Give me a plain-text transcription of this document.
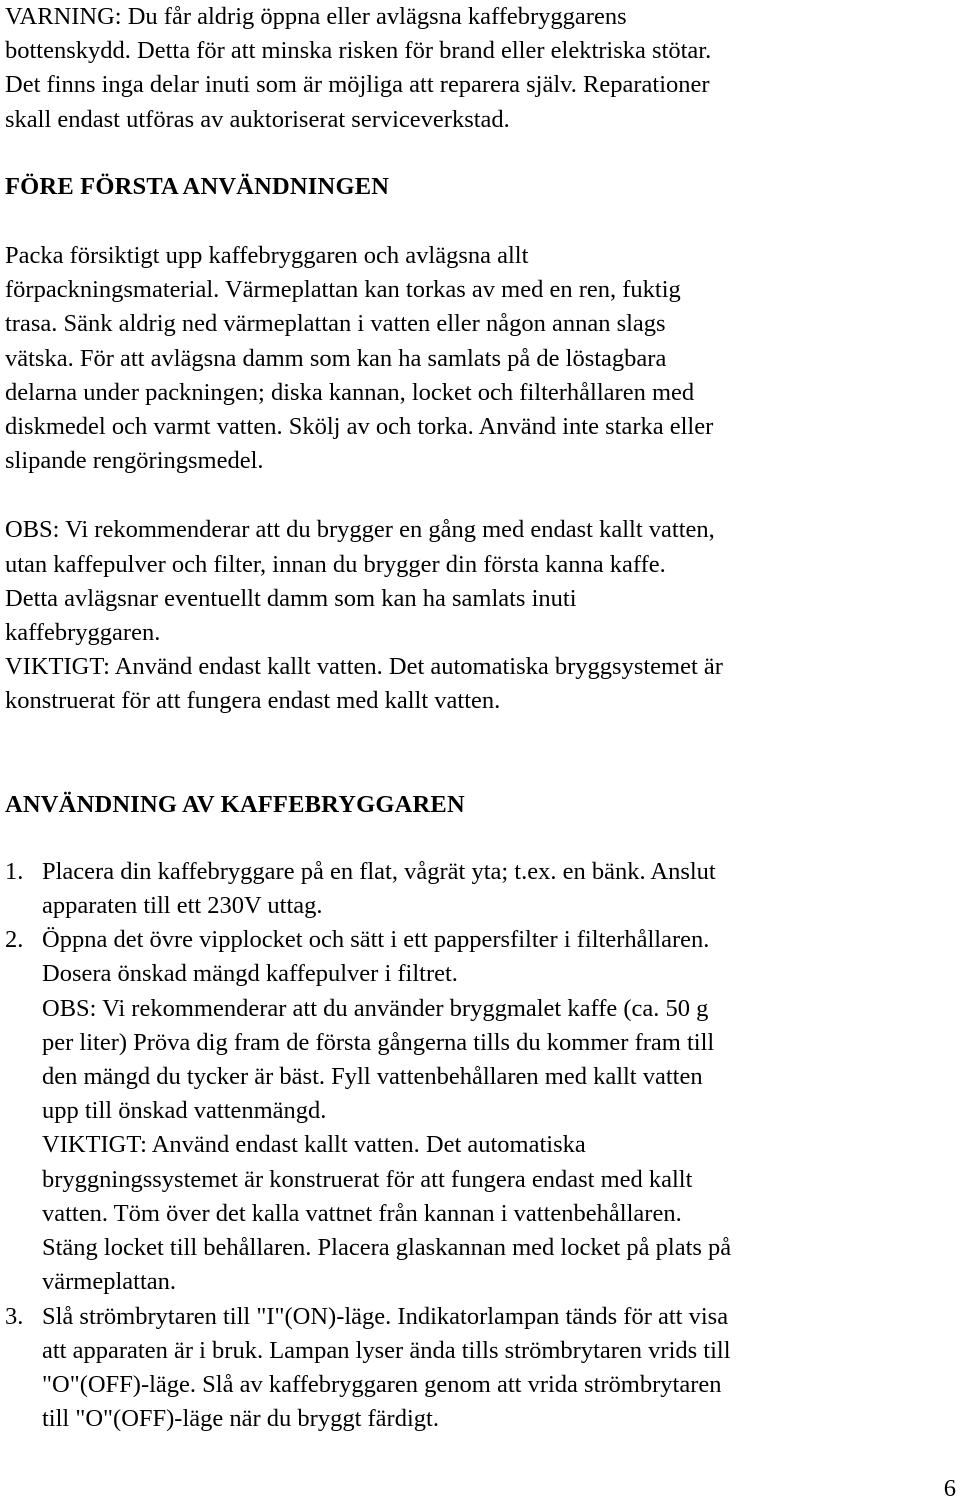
VARNING: Du får aldrig öppna eller avlägsna kaffebryggarens
bottenskydd. Detta för att minska risken för brand eller elektriska stötar.
Det finns inga delar inuti som är möjliga att reparera själv. Reparationer
skall endast utföras av auktoriserat serviceverkstad.

FÖRE FÖRSTA ANVÄNDNINGEN

Packa försiktigt upp kaffebryggaren och avlägsna allt
förpackningsmaterial. Värmeplattan kan torkas av med en ren, fuktig
trasa. Sänk aldrig ned värmeplattan i vatten eller någon annan slags
vätska. För att avlägsna damm som kan ha samlats på de löstagbara
delarna under packningen; diska kannan, locket och filterhållaren med
diskmedel och varmt vatten. Skölj av och torka. Använd inte starka eller
slipande rengöringsmedel.

OBS: Vi rekommenderar att du brygger en gång med endast kallt vatten,
utan kaffepulver och filter, innan du brygger din första kanna kaffe.
Detta avlägsnar eventuellt damm som kan ha samlats inuti
kaffebryggaren.
VIKTIGT: Använd endast kallt vatten. Det automatiska bryggsystemet är
konstruerat för att fungera endast med kallt vatten.

ANVÄNDNING AV KAFFEBRYGGAREN
1. Placera din kaffebryggare på en flat, vågrät yta; t.ex. en bänk. Anslut
apparaten till ett 230V uttag.
2. Öppna det övre vipplocket och sätt i ett pappersfilter i filterhållaren.
Dosera önskad mängd kaffepulver i filtret.
OBS: Vi rekommenderar att du använder bryggmalet kaffe (ca. 50 g
per liter) Pröva dig fram de första gångerna tills du kommer fram till
den mängd du tycker är bäst. Fyll vattenbehållaren med kallt vatten
upp till önskad vattenmängd.
VIKTIGT: Använd endast kallt vatten. Det automatiska
bryggningssystemet är konstruerat för att fungera endast med kallt
vatten. Töm över det kalla vattnet från kannan i vattenbehållaren.
Stäng locket till behållaren. Placera glaskannan med locket på plats på
värmeplattan.
3. Slå strömbrytaren till "I"(ON)-läge. Indikatorlampan tänds för att visa
att apparaten är i bruk. Lampan lyser ända tills strömbrytaren vrids till
"O"(OFF)-läge. Slå av kaffebryggaren genom att vrida strömbrytaren
till "O"(OFF)-läge när du bryggt färdigt.
6
